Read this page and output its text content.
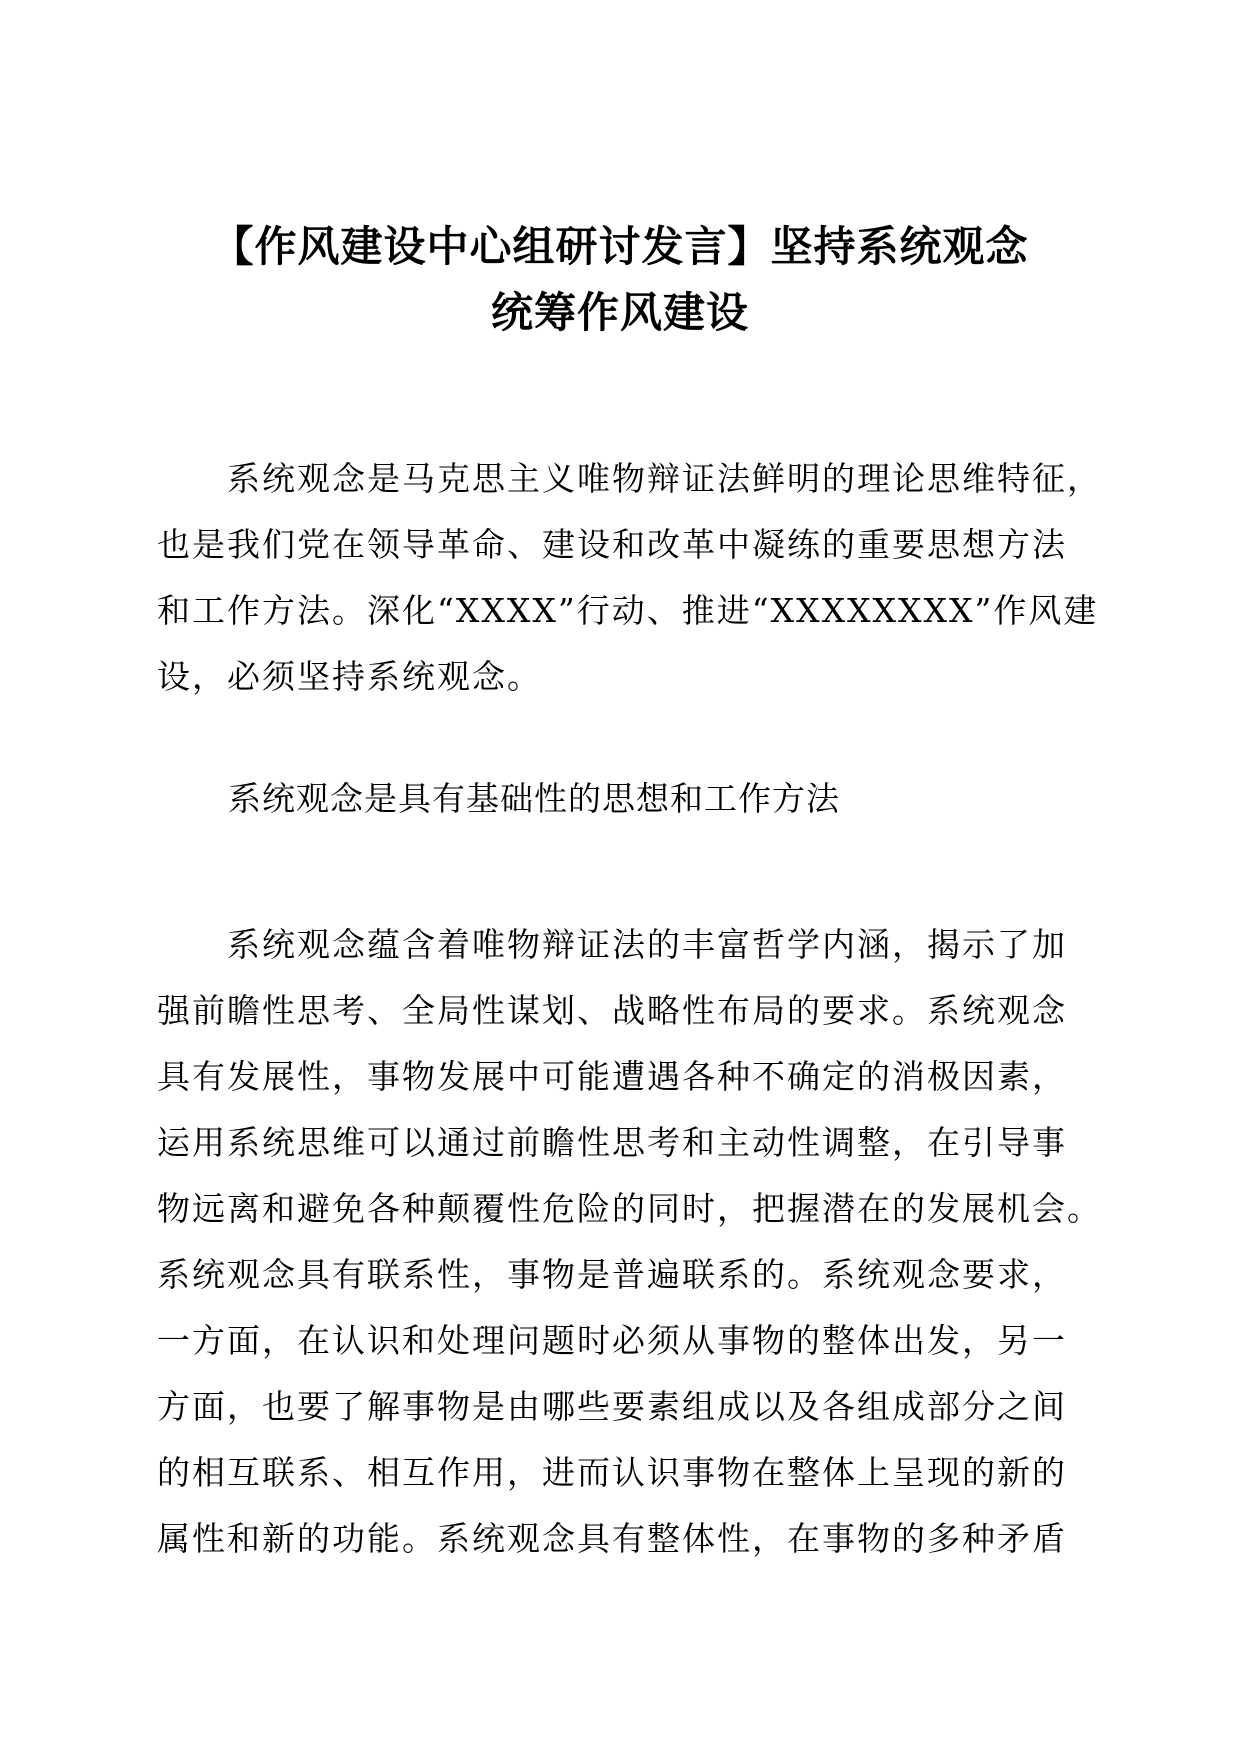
【作风建设中心组研讨发言】坚持系统观念
统筹作风建设
　　系统观念是马克思主义唯物辩证法鲜明的理论思维特征，
也是我们党在领导革命、建设和改革中凝练的重要思想方法
和工作方法。深化“XXXX”行动、推进“XXXXXXXX”作风建
设，必须坚持系统观念。
系统观念是具有基础性的思想和工作方法
　　系统观念蕴含着唯物辩证法的丰富哲学内涵，揭示了加
强前瞻性思考、全局性谋划、战略性布局的要求。系统观念
具有发展性，事物发展中可能遭遇各种不确定的消极因素，
运用系统思维可以通过前瞻性思考和主动性调整，在引导事
物远离和避免各种颠覆性危险的同时，把握潜在的发展机会。
系统观念具有联系性，事物是普遍联系的。系统观念要求，
一方面，在认识和处理问题时必须从事物的整体出发，另一
方面，也要了解事物是由哪些要素组成以及各组成部分之间
的相互联系、相互作用，进而认识事物在整体上呈现的新的
属性和新的功能。系统观念具有整体性，在事物的多种矛盾
